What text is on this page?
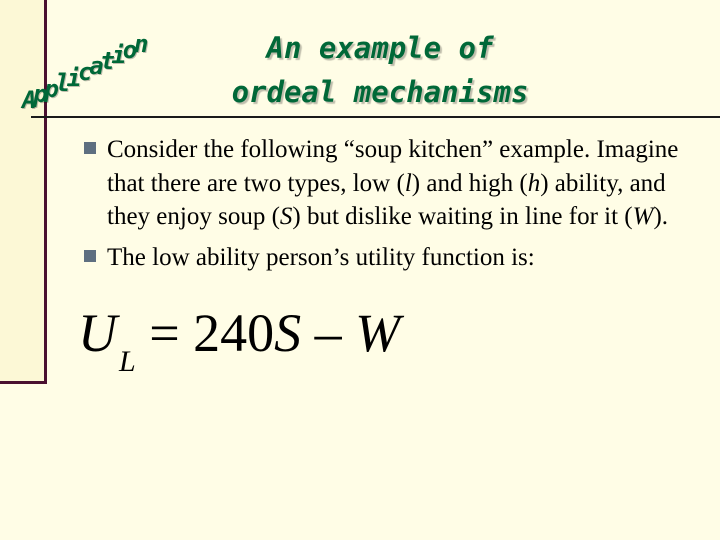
A
p
p
l
i
c
a
t
i
o
n	An example of
ordeal mechanisms
Consider the following “soup kitchen” example. Imagine that there are two types, low (l) and high (h) ability, and they enjoy soup (S) but dislike waiting in line for it (W).
The low ability person’s utility function is:
$U_L = 240S - W$
